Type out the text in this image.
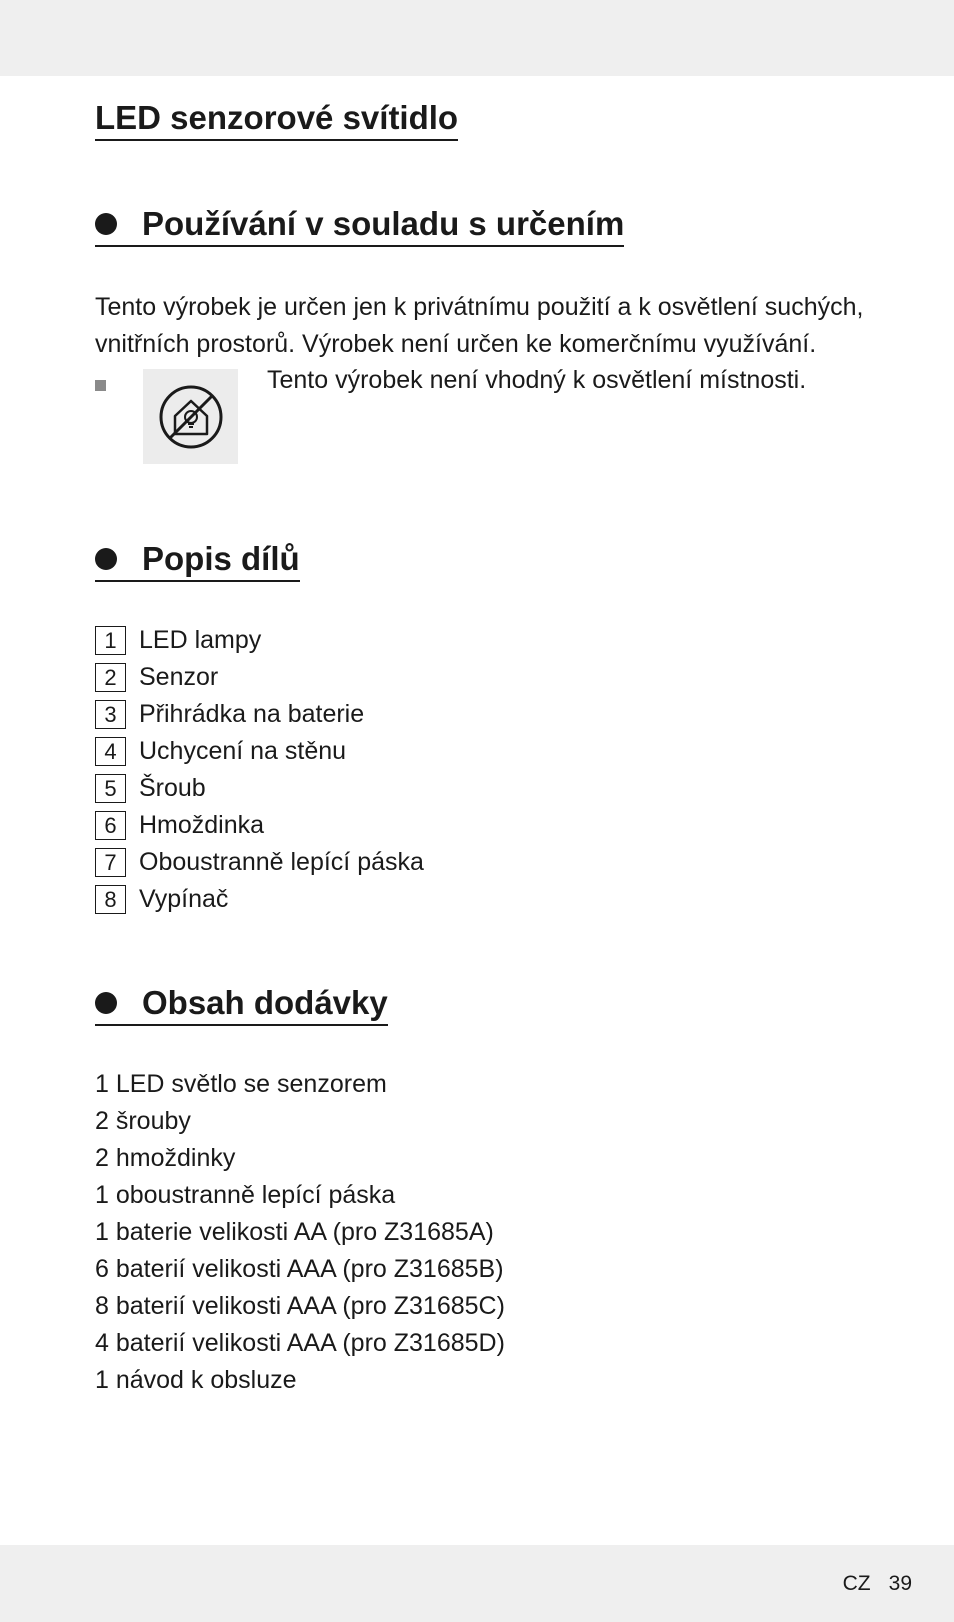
LED senzorové svítidlo
Používání v souladu s určením

Tento výrobek je určen jen k privátnímu použití a k osvětlení suchých, vnitřních prostorů. Výrobek není určen ke komerčnímu využívání.

Tento výrobek není vhodný k osvětlení místnosti.

Popis dílů
1 LED lampy
2 Senzor
3 Přihrádka na baterie
4 Uchycení na stěnu
5 Šroub
6 Hmoždinka
7 Oboustranně lepící páska
8 Vypínač
Obsah dodávky
1 LED světlo se senzorem
2 šrouby
2 hmoždinky
1 oboustranně lepící páska
1 baterie velikosti AA (pro Z31685A)
6 baterií velikosti AAA (pro Z31685B)
8 baterií velikosti AAA (pro Z31685C)
4 baterií velikosti AAA (pro Z31685D)
1 návod k obsluze
CZ 39
